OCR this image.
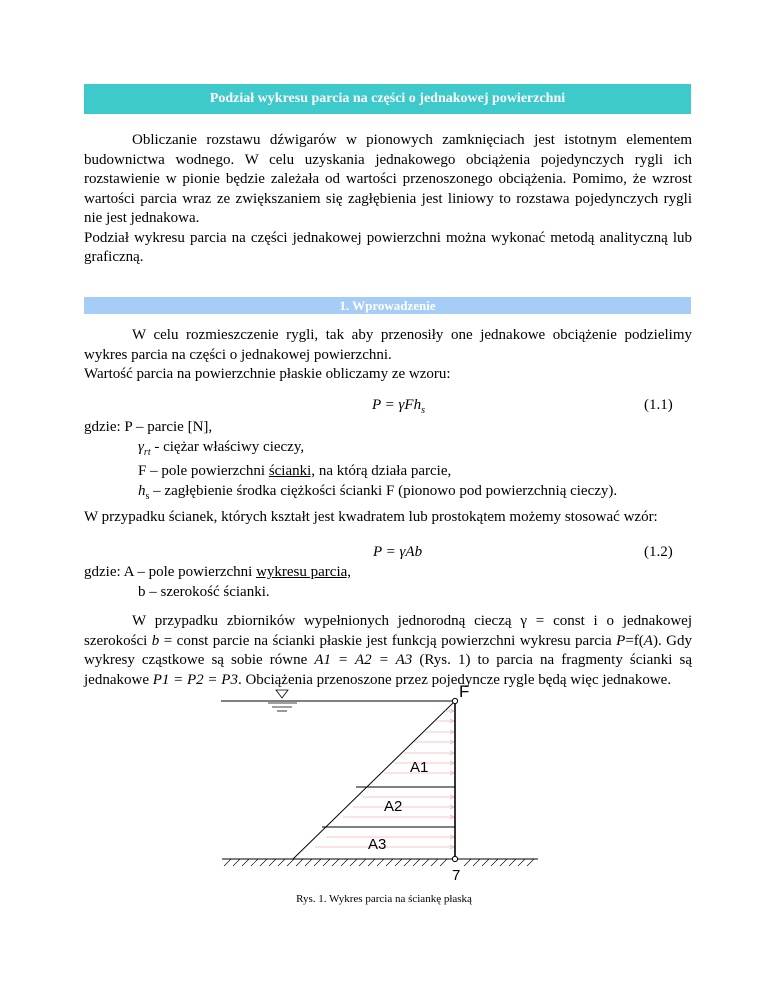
Podział wykresu parcia na części o jednakowej powierzchni

Obliczanie rozstawu dźwigarów w pionowych zamknięciach jest istotnym elementem budownictwa wodnego. W celu uzyskania jednakowego obciążenia pojedynczych rygli ich rozstawienie w pionie będzie zależała od wartości przenoszonego obciążenia. Pomimo, że wzrost wartości parcia wraz ze zwiększaniem się zagłębienia jest liniowy to rozstawa pojedynczych rygli nie jest jednakowa.

Podział wykresu parcia na części jednakowej powierzchni można wykonać metodą analityczną lub graficzną.

1. Wprowadzenie

W celu rozmieszczenie rygli, tak aby przenosiły one jednakowe obciążenie podzielimy wykres parcia na części o jednakowej powierzchni.

Wartość parcia na powierzchnie płaskie obliczamy ze wzoru:

P = γFh$_s$	(1.1)
gdzie: P – parcie [N],
$\gamma_{rt}$ - ciężar właściwy cieczy,
F – pole powierzchni ścianki, na którą działa parcie,
$h_s$ – zagłębienie środka ciężkości ścianki F (pionowo pod powierzchnią cieczy).

W przypadku ścianek, których kształt jest kwadratem lub prostokątem możemy stosować wzór:

P = γAb	(1.2)
gdzie: A – pole powierzchni wykresu parcia,
b – szerokość ścianki.

W przypadku zbiorników wypełnionych jednorodną cieczą γ = const i o jednakowej szerokości b = const parcie na ścianki płaskie jest funkcją powierzchni wykresu parcia P=f(A). Gdy wykresy cząstkowe są sobie równe A1 = A2 = A3 (Rys. 1) to parcia na fragmenty ścianki są jednakowe P1 = P2 = P3. Obciążenia przenoszone przez pojedyncze rygle będą więc jednakowe.

F
A1
A2
A3
7
Rys. 1. Wykres parcia na ściankę płaską
